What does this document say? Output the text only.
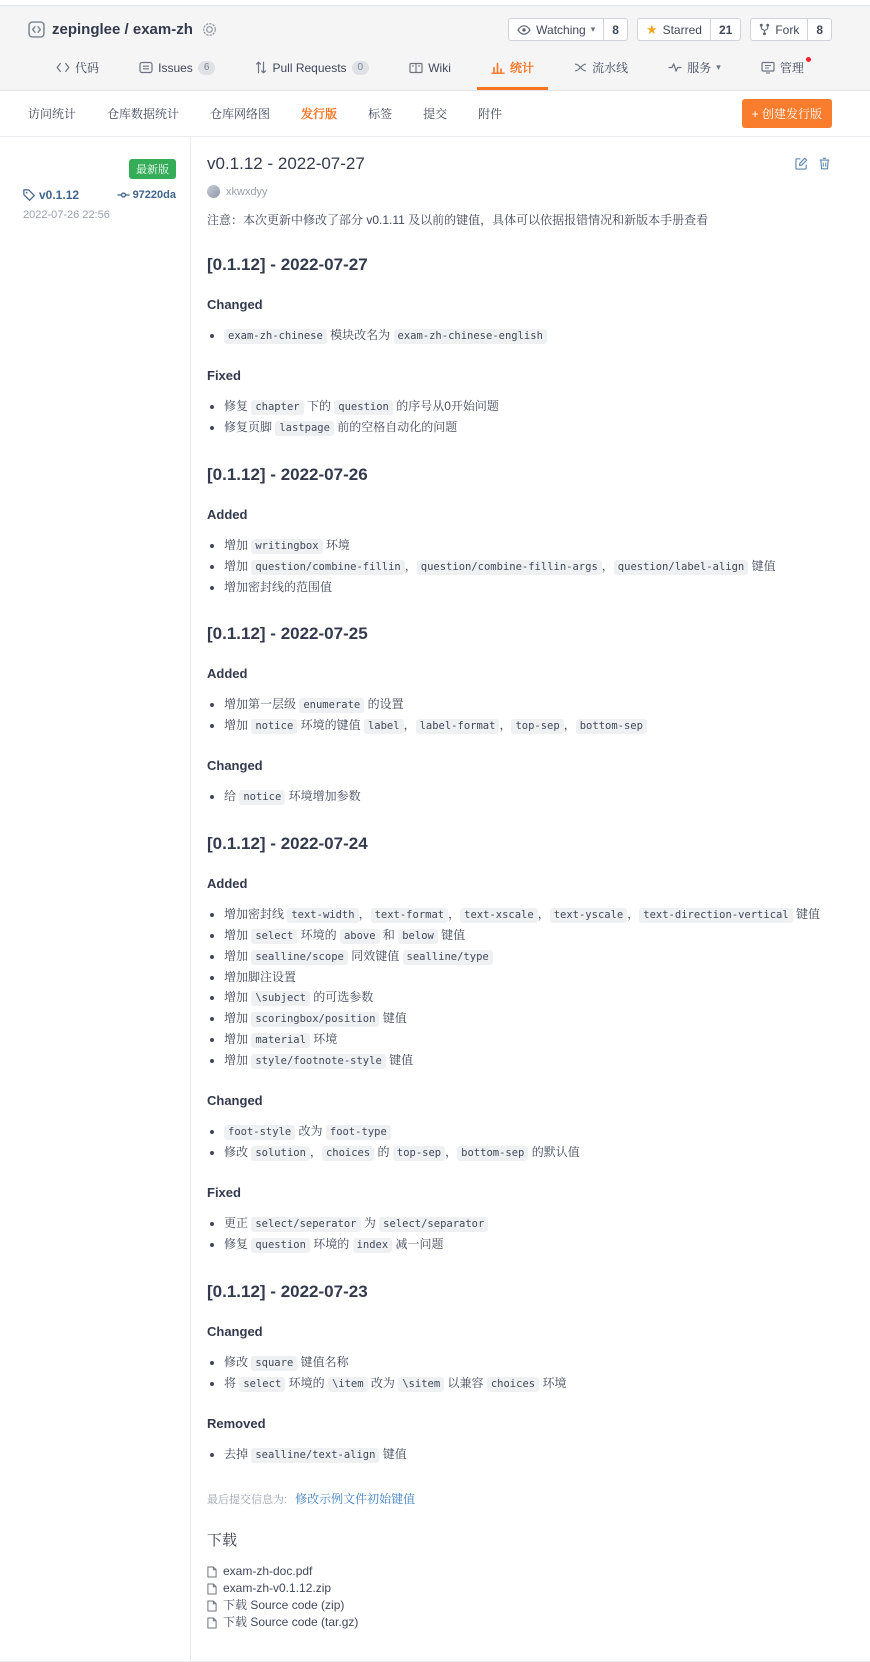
zepinglee / exam-zh	Watching ▾	8	★ Starred	21	Fork	8
代码	Issues	6	Pull Requests	0	Wiki	统计	流水线	服务 ▾	管理
访问统计	仓库数据统计	仓库网络图	发行版	标签	提交	附件	+ 创建发行版
最新版
v0.1.12	97220da
2022-07-26 22:56
v0.1.12 - 2022-07-27
xkwxdyy

注意：本次更新中修改了部分 v0.1.11 及以前的键值，具体可以依据报错情况和新版本手册查看

[0.1.12] - 2022-07-27
Changed
• exam-zh-chinese 模块改名为 exam-zh-chinese-english
Fixed
• 修复 chapter 下的 question 的序号从0开始问题
• 修复页脚 lastpage 前的空格自动化的问题
[0.1.12] - 2022-07-26
Added
• 增加 writingbox 环境
• 增加 question/combine-fillin ， question/combine-fillin-args ， question/label-align 键值
• 增加密封线的范围值
[0.1.12] - 2022-07-25
Added
• 增加第一层级 enumerate 的设置
• 增加 notice 环境的键值 label ， label-format ， top-sep ， bottom-sep
Changed
• 给 notice 环境增加参数
[0.1.12] - 2022-07-24
Added
• 增加密封线 text-width ， text-format ， text-xscale ， text-yscale ， text-direction-vertical 键值
• 增加 select 环境的 above 和 below 键值
• 增加 sealline/scope 同效键值 sealline/type
• 增加脚注设置
• 增加 \subject 的可选参数
• 增加 scoringbox/position 键值
• 增加 material 环境
• 增加 style/footnote-style 键值
Changed
• foot-style 改为 foot-type
• 修改 solution ， choices 的 top-sep ， bottom-sep 的默认值
Fixed
• 更正 select/seperator 为 select/separator
• 修复 question 环境的 index 减一问题
[0.1.12] - 2022-07-23
Changed
• 修改 square 键值名称
• 将 select 环境的 \item 改为 \sitem 以兼容 choices 环境
Removed
• 去掉 sealline/text-align 键值
最后提交信息为: 修改示例文件初始键值
下载
exam-zh-doc.pdf
exam-zh-v0.1.12.zip
下载 Source code (zip)
下载 Source code (tar.gz)
